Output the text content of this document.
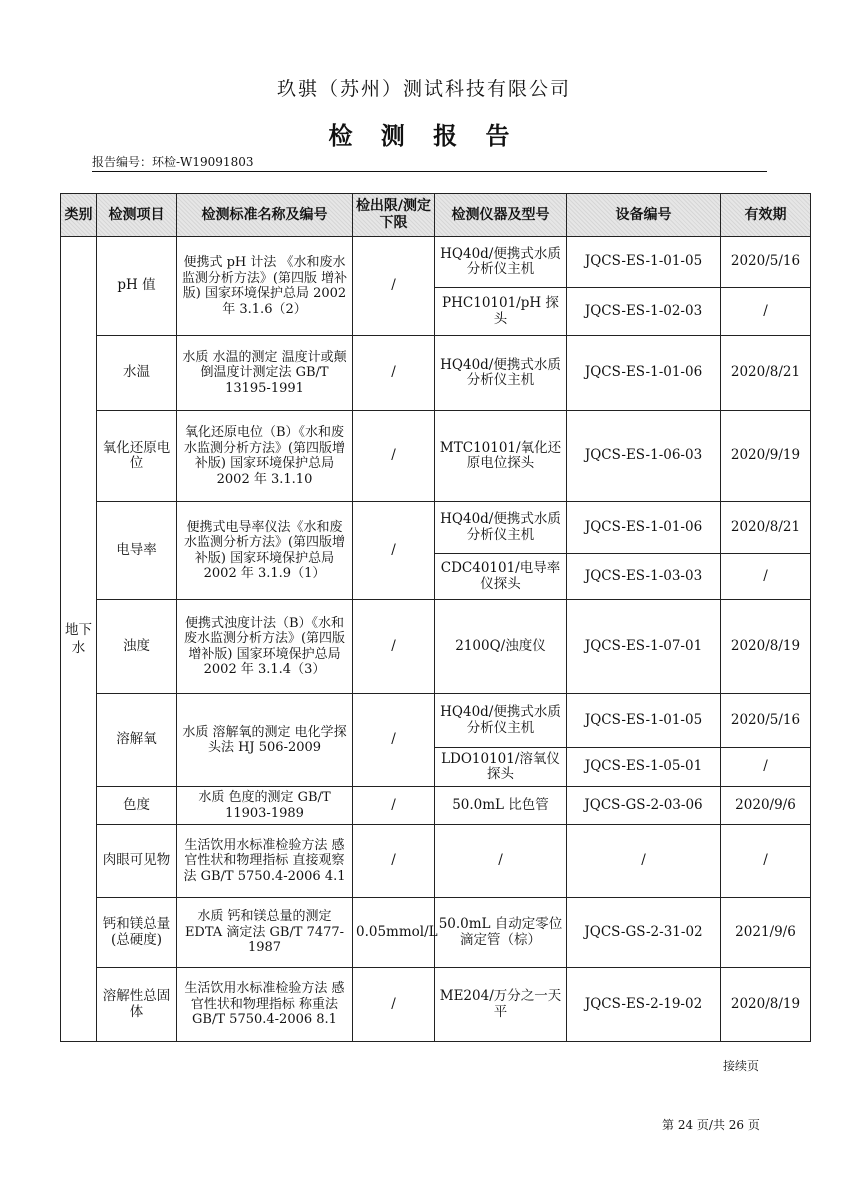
玖骐（苏州）测试科技有限公司
检 测 报 告
报告编号：环检-W19091803
类别	检测项目	检测标准名称及编号	检出限/测定下限	检测仪器及型号	设备编号	有效期
地下水	pH 值	便携式 pH 计法 《水和废水监测分析方法》(第四版 增补版) 国家环境保护总局 2002 年 3.1.6（2）	/	HQ40d/便携式水质分析仪主机	JQCS-ES-1-01-05	2020/5/16
				PHC10101/pH 探头	JQCS-ES-1-02-03	/
	水温	水质 水温的测定 温度计或颠倒温度计测定法 GB/T 13195-1991	/	HQ40d/便携式水质分析仪主机	JQCS-ES-1-01-06	2020/8/21
	氧化还原电位	氧化还原电位（B）《水和废水监测分析方法》(第四版增补版) 国家环境保护总局 2002 年 3.1.10	/	MTC10101/氧化还原电位探头	JQCS-ES-1-06-03	2020/9/19
	电导率	便携式电导率仪法《水和废水监测分析方法》(第四版增补版) 国家环境保护总局 2002 年 3.1.9（1）	/	HQ40d/便携式水质分析仪主机	JQCS-ES-1-01-06	2020/8/21
				CDC40101/电导率仪探头	JQCS-ES-1-03-03	/
	浊度	便携式浊度计法（B）《水和废水监测分析方法》(第四版增补版) 国家环境保护总局 2002 年 3.1.4（3）	/	2100Q/浊度仪	JQCS-ES-1-07-01	2020/8/19
	溶解氧	水质 溶解氧的测定 电化学探头法 HJ 506-2009	/	HQ40d/便携式水质分析仪主机	JQCS-ES-1-01-05	2020/5/16
				LDO10101/溶氧仪探头	JQCS-ES-1-05-01	/
	色度	水质 色度的测定 GB/T 11903-1989	/	50.0mL 比色管	JQCS-GS-2-03-06	2020/9/6
	肉眼可见物	生活饮用水标准检验方法 感官性状和物理指标 直接观察法 GB/T 5750.4-2006 4.1	/	/	/	/
	钙和镁总量(总硬度)	水质 钙和镁总量的测定 EDTA 滴定法 GB/T 7477-1987	0.05mmol/L	50.0mL 自动定零位滴定管（棕）	JQCS-GS-2-31-02	2021/9/6
	溶解性总固体	生活饮用水标准检验方法 感官性状和物理指标 称重法 GB/T 5750.4-2006 8.1	/	ME204/万分之一天平	JQCS-ES-2-19-02	2020/8/19
接续页
第 24 页/共 26 页
